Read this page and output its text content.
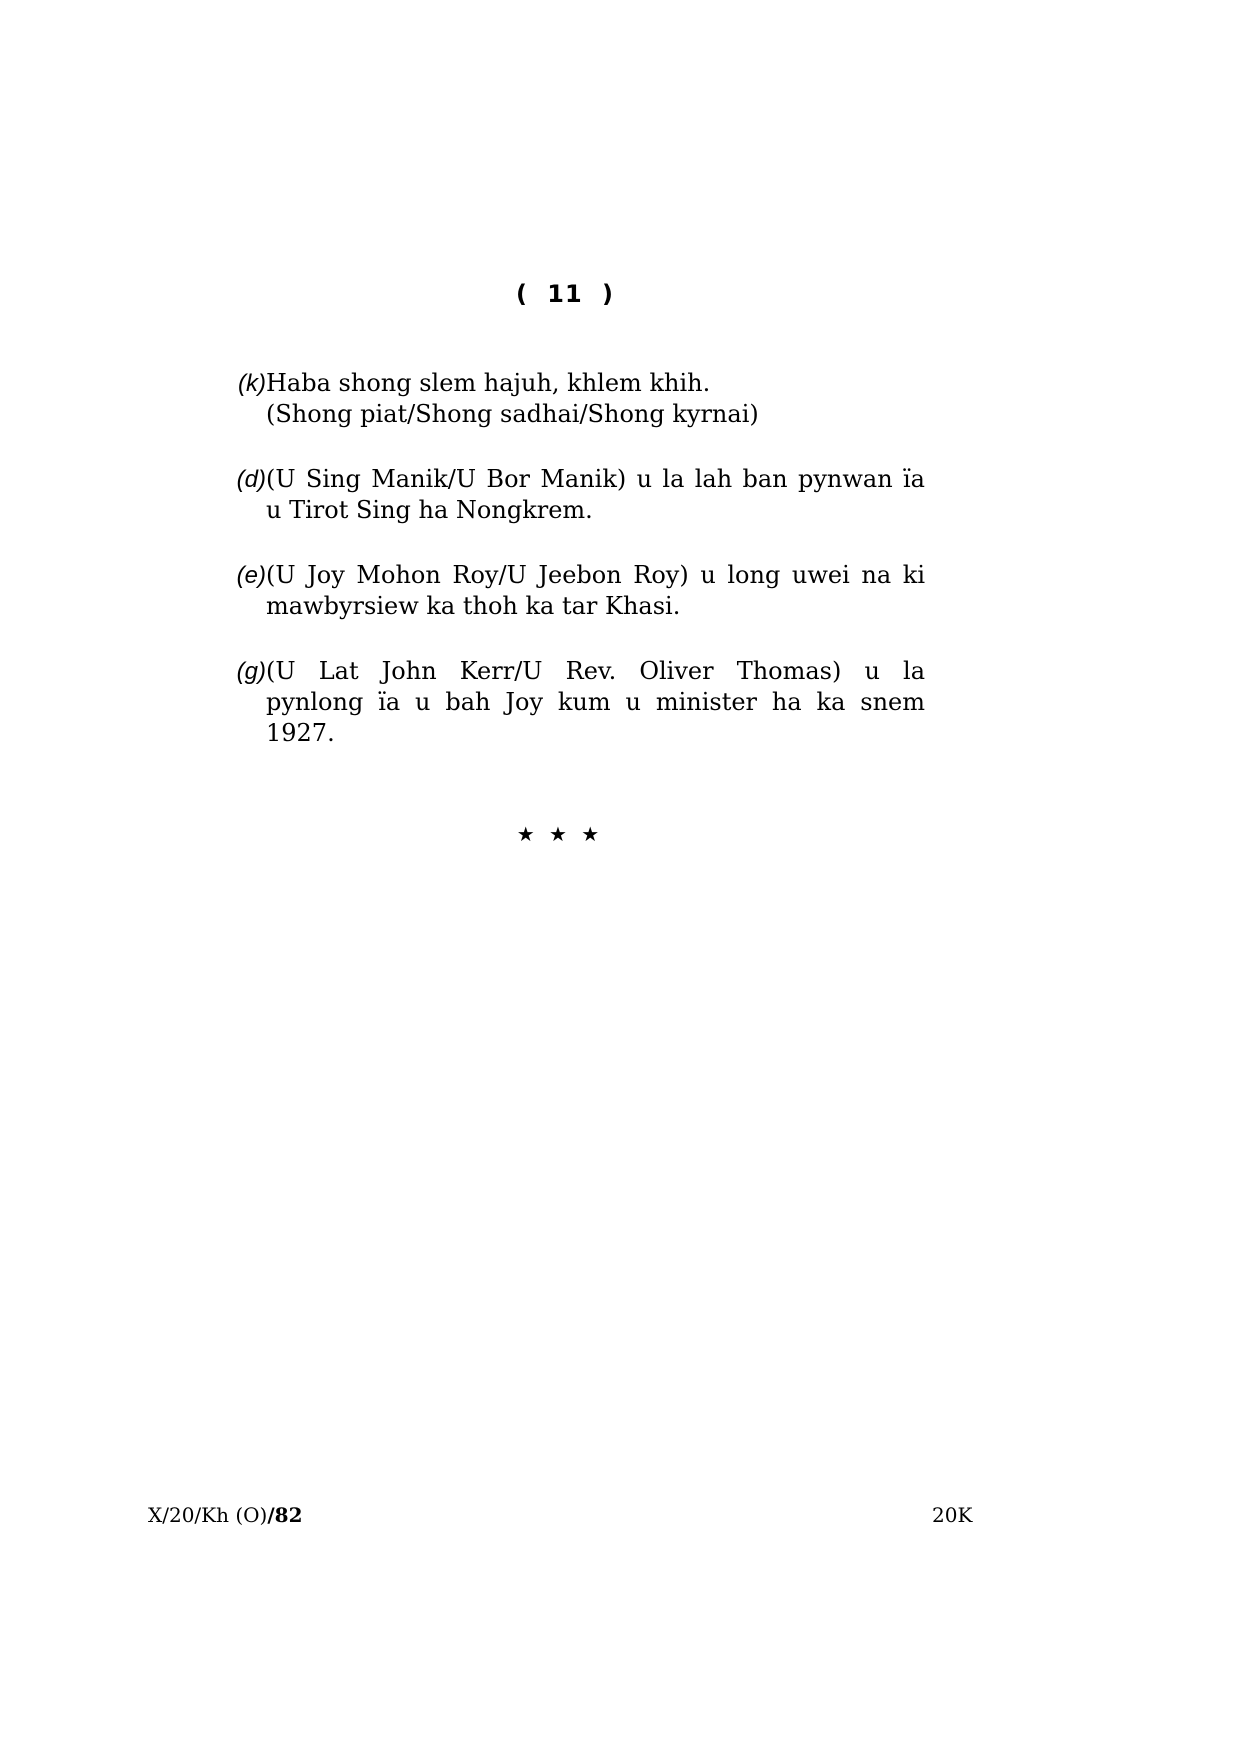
( 11 )
(k) Haba shong slem hajuh, khlem khih.
(Shong piat/Shong sadhai/Shong kyrnai)
(d) (U Sing Manik/U Bor Manik) u la lah ban pynwan ïa
u Tirot Sing ha Nongkrem.
(e) (U Joy Mohon Roy/U Jeebon Roy) u long uwei na ki
mawbyrsiew ka thoh ka tar Khasi.
(g) (U Lat John Kerr/U Rev. Oliver Thomas) u la
pynlong ïa u bah Joy kum u minister ha ka snem
1927.
★ ★ ★
X/20/Kh (O)/82	20K
